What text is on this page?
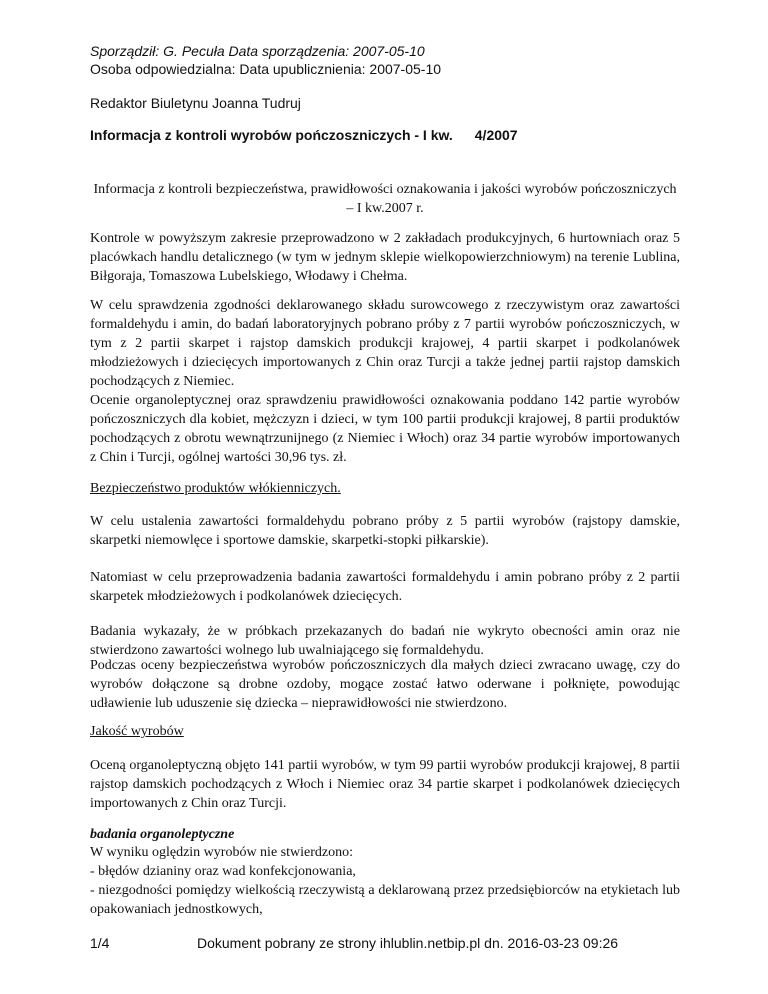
Sporządził: G. Pecuła Data sporządzenia: 2007-05-10
Osoba odpowiedzialna: Data upublicznienia: 2007-05-10
Redaktor Biuletynu Joanna Tudruj
Informacja z kontroli wyrobów pończoszniczych - I kw. 4/2007
Informacja z kontroli bezpieczeństwa, prawidłowości oznakowania i jakości wyrobów pończoszniczych – I kw.2007 r.
Kontrole w powyższym zakresie przeprowadzono w 2 zakładach produkcyjnych, 6 hurtowniach oraz 5 placówkach handlu detalicznego (w tym w jednym sklepie wielkopowierzchniowym) na terenie Lublina, Biłgoraja, Tomaszowa Lubelskiego, Włodawy i Chełma.
W celu sprawdzenia zgodności deklarowanego składu surowcowego z rzeczywistym oraz zawartości formaldehydu i amin, do badań laboratoryjnych pobrano próby z 7 partii wyrobów pończoszniczych, w tym z 2 partii skarpet i rajstop damskich produkcji krajowej, 4 partii skarpet i podkolanówek młodzieżowych i dziecięcych importowanych z Chin oraz Turcji a także jednej partii rajstop damskich pochodzących z Niemiec.
Ocenie organoleptycznej oraz sprawdzeniu prawidłowości oznakowania poddano 142 partie wyrobów pończoszniczych dla kobiet, mężczyzn i dzieci, w tym 100 partii produkcji krajowej, 8 partii produktów pochodzących z obrotu wewnątrzunijnego (z Niemiec i Włoch) oraz 34 partie wyrobów importowanych z Chin i Turcji, ogólnej wartości 30,96 tys. zł.
Bezpieczeństwo produktów włókienniczych.
W celu ustalenia zawartości formaldehydu pobrano próby z 5 partii wyrobów (rajstopy damskie, skarpetki niemowlęce i sportowe damskie, skarpetki-stopki piłkarskie).
Natomiast w celu przeprowadzenia badania zawartości formaldehydu i amin pobrano próby z 2 partii skarpetek młodzieżowych i podkolanówek dziecięcych.
Badania wykazały, że w próbkach przekazanych do badań nie wykryto obecności amin oraz nie stwierdzono zawartości wolnego lub uwalniającego się formaldehydu.
Podczas oceny bezpieczeństwa wyrobów pończoszniczych dla małych dzieci zwracano uwagę, czy do wyrobów dołączone są drobne ozdoby, mogące zostać łatwo oderwane i połknięte, powodując udławienie lub uduszenie się dziecka – nieprawidłowości nie stwierdzono.
Jakość wyrobów
Oceną organoleptyczną objęto 141 partii wyrobów, w tym 99 partii wyrobów produkcji krajowej, 8 partii rajstop damskich pochodzących z Włoch i Niemiec oraz 34 partie skarpet i podkolanówek dziecięcych importowanych z Chin oraz Turcji.
badania organoleptyczne
W wyniku oględzin wyrobów nie stwierdzono:
- błędów dzianiny oraz wad konfekcjonowania,
- niezgodności pomiędzy wielkością rzeczywistą a deklarowaną przez przedsiębiorców na etykietach lub opakowaniach jednostkowych,
1/4	Dokument pobrany ze strony ihlublin.netbip.pl dn. 2016-03-23 09:26
